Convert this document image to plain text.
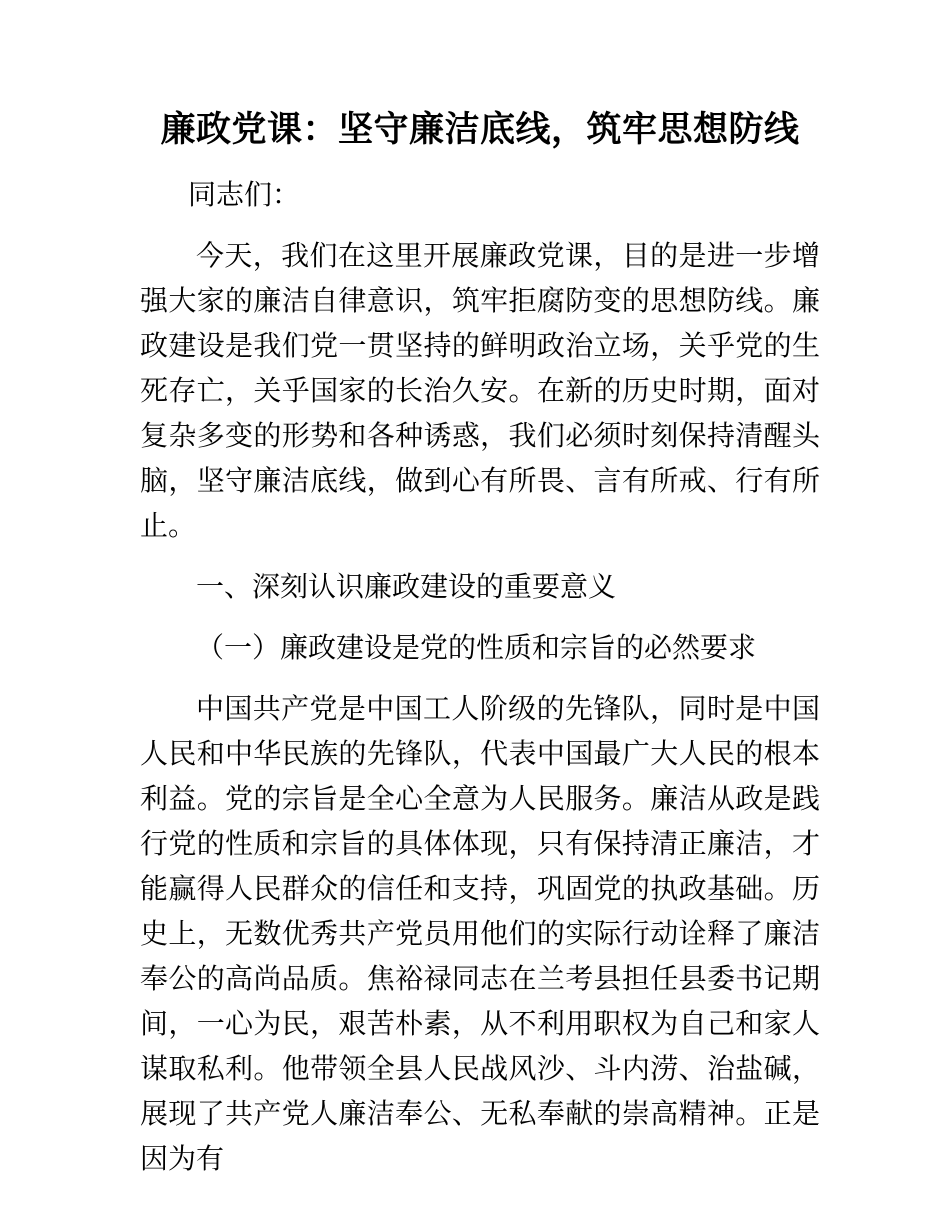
廉政党课：坚守廉洁底线，筑牢思想防线

同志们：

今天，我们在这里开展廉政党课，目的是进一步增强大家的廉洁自律意识，筑牢拒腐防变的思想防线。廉政建设是我们党一贯坚持的鲜明政治立场，关乎党的生死存亡，关乎国家的长治久安。在新的历史时期，面对复杂多变的形势和各种诱惑，我们必须时刻保持清醒头脑，坚守廉洁底线，做到心有所畏、言有所戒、行有所止。

一、深刻认识廉政建设的重要意义

（一）廉政建设是党的性质和宗旨的必然要求

中国共产党是中国工人阶级的先锋队，同时是中国人民和中华民族的先锋队，代表中国最广大人民的根本利益。党的宗旨是全心全意为人民服务。廉洁从政是践行党的性质和宗旨的具体体现，只有保持清正廉洁，才能赢得人民群众的信任和支持，巩固党的执政基础。历史上，无数优秀共产党员用他们的实际行动诠释了廉洁奉公的高尚品质。焦裕禄同志在兰考县担任县委书记期间，一心为民，艰苦朴素，从不利用职权为自己和家人谋取私利。他带领全县人民战风沙、斗内涝、治盐碱，展现了共产党人廉洁奉公、无私奉献的崇高精神。正是因为有
